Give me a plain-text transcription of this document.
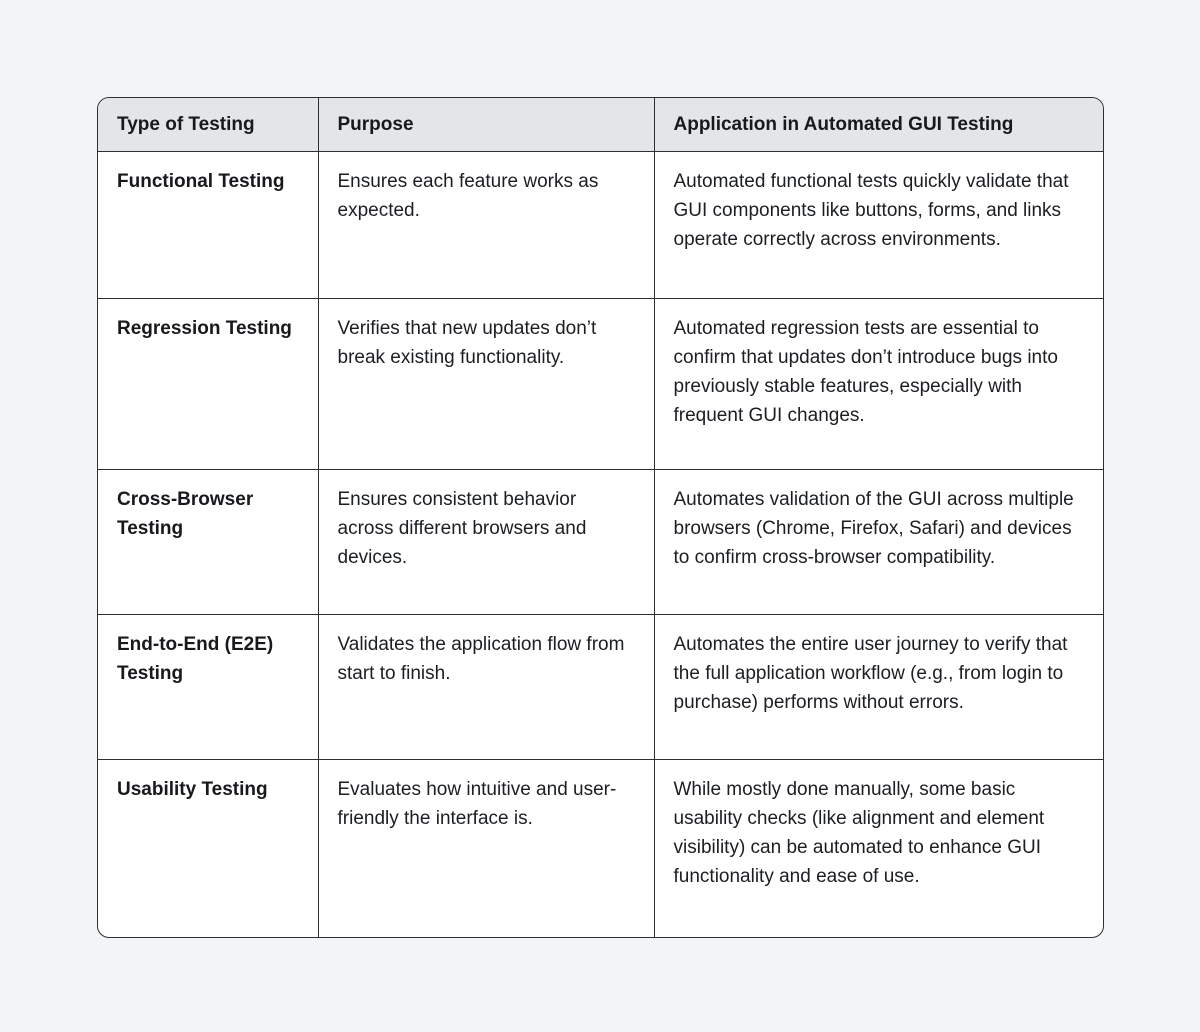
Type of Testing	Purpose	Application in Automated GUI Testing
Functional Testing	Ensures each feature works as expected.	Automated functional tests quickly validate that GUI components like buttons, forms, and links operate correctly across environments.
Regression Testing	Verifies that new updates don’t break existing functionality.	Automated regression tests are essential to confirm that updates don’t introduce bugs into previously stable features, especially with frequent GUI changes.
Cross-Browser Testing	Ensures consistent behavior across different browsers and devices.	Automates validation of the GUI across multiple browsers (Chrome, Firefox, Safari) and devices to confirm cross-browser compatibility.
End-to-End (E2E) Testing	Validates the application flow from start to finish.	Automates the entire user journey to verify that the full application workflow (e.g., from login to purchase) performs without errors.
Usability Testing	Evaluates how intuitive and user-friendly the interface is.	While mostly done manually, some basic usability checks (like alignment and element visibility) can be automated to enhance GUI functionality and ease of use.
